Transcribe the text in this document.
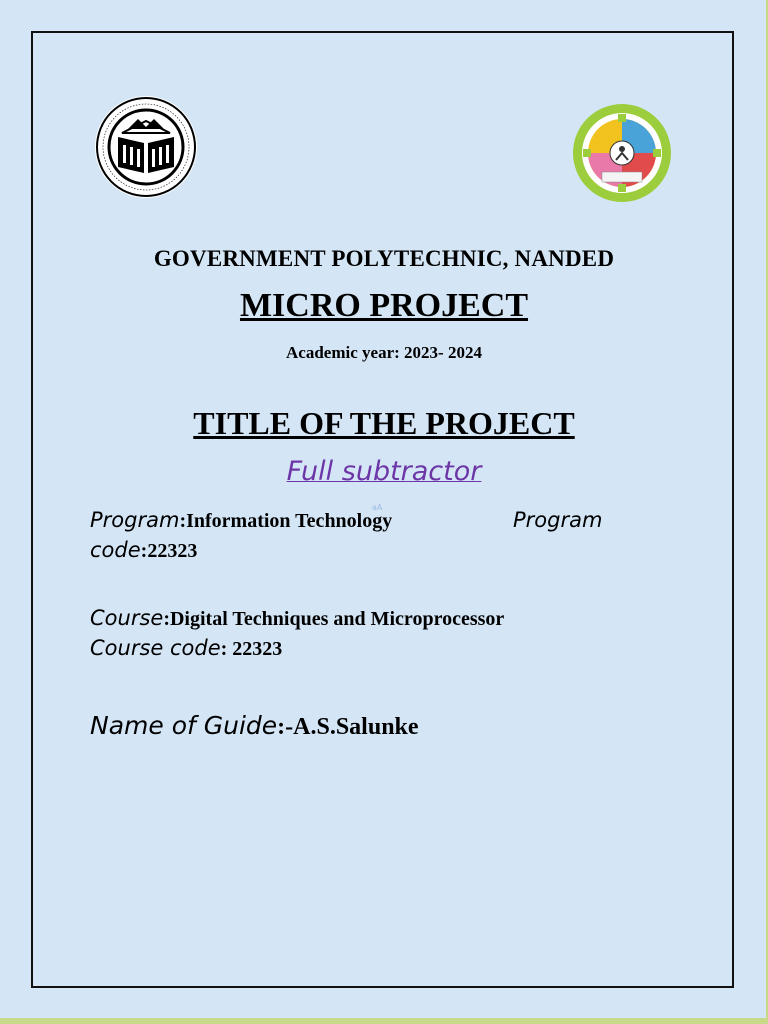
GOVERNMENT POLYTECHNIC, NANDED
MICRO PROJECT
Academic year: 2023- 2024
TITLE OF THE PROJECT
Full subtractor
aA
Program:Information Technology	Program
code:22323
Course:Digital Techniques and Microprocessor
Course code: 22323
Name of Guide:-A.S.Salunke
